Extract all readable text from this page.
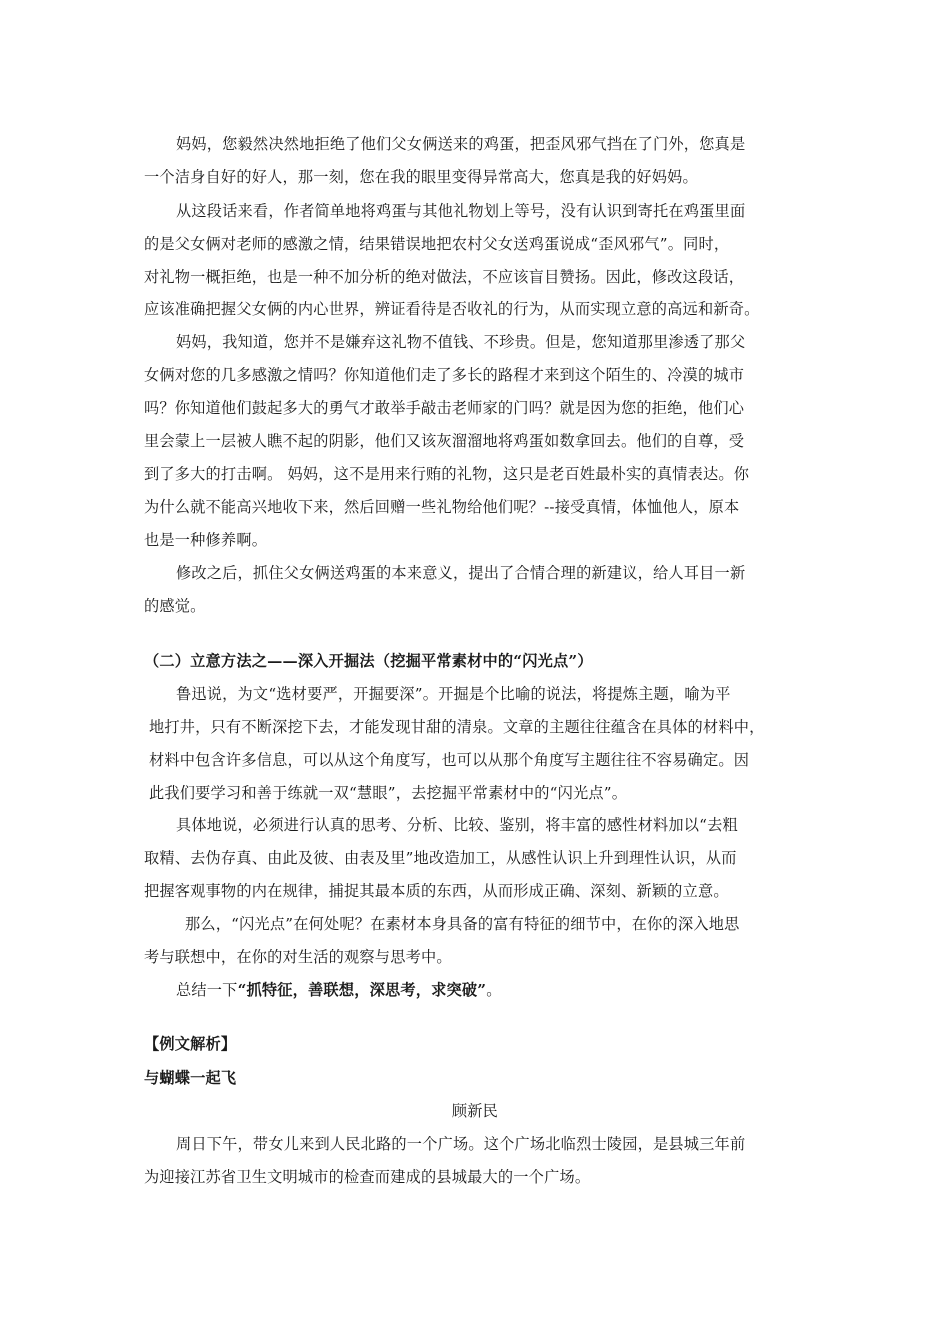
妈妈，您毅然决然地拒绝了他们父女俩送来的鸡蛋，把歪风邪气挡在了门外，您真是
一个洁身自好的好人，那一刻，您在我的眼里变得异常高大，您真是我的好妈妈。
从这段话来看，作者简单地将鸡蛋与其他礼物划上等号，没有认识到寄托在鸡蛋里面
的是父女俩对老师的感激之情，结果错误地把农村父女送鸡蛋说成“歪风邪气”。同时，
对礼物一概拒绝，也是一种不加分析的绝对做法，不应该盲目赞扬。因此，修改这段话，
应该准确把握父女俩的内心世界，辨证看待是否收礼的行为，从而实现立意的高远和新奇。
妈妈，我知道，您并不是嫌弃这礼物不值钱、不珍贵。但是，您知道那里渗透了那父
女俩对您的几多感激之情吗？你知道他们走了多长的路程才来到这个陌生的、冷漠的城市
吗？你知道他们鼓起多大的勇气才敢举手敲击老师家的门吗？就是因为您的拒绝，他们心
里会蒙上一层被人瞧不起的阴影，他们又该灰溜溜地将鸡蛋如数拿回去。他们的自尊，受
到了多大的打击啊。 妈妈，这不是用来行贿的礼物，这只是老百姓最朴实的真情表达。你
为什么就不能高兴地收下来，然后回赠一些礼物给他们呢？--接受真情，体恤他人，原本
也是一种修养啊。
修改之后，抓住父女俩送鸡蛋的本来意义，提出了合情合理的新建议，给人耳目一新
的感觉。
（二）立意方法之——深入开掘法（挖掘平常素材中的“闪光点”）
鲁迅说，为文“选材要严，开掘要深”。开掘是个比喻的说法，将提炼主题，喻为平
地打井，只有不断深挖下去，才能发现甘甜的清泉。文章的主题往往蕴含在具体的材料中，
材料中包含许多信息，可以从这个角度写，也可以从那个角度写主题往往不容易确定。因
此我们要学习和善于练就一双“慧眼”，去挖掘平常素材中的“闪光点”。
具体地说，必须进行认真的思考、分析、比较、鉴别，将丰富的感性材料加以“去粗
取精、去伪存真、由此及彼、由表及里”地改造加工，从感性认识上升到理性认识，从而
把握客观事物的内在规律，捕捉其最本质的东西，从而形成正确、深刻、新颖的立意。
那么，“闪光点”在何处呢？在素材本身具备的富有特征的细节中，在你的深入地思
考与联想中，在你的对生活的观察与思考中。
总结一下“抓特征，善联想，深思考，求突破”。
【例文解析】
与蝴蝶一起飞
顾新民
周日下午，带女儿来到人民北路的一个广场。这个广场北临烈士陵园，是县城三年前
为迎接江苏省卫生文明城市的检查而建成的县城最大的一个广场。
